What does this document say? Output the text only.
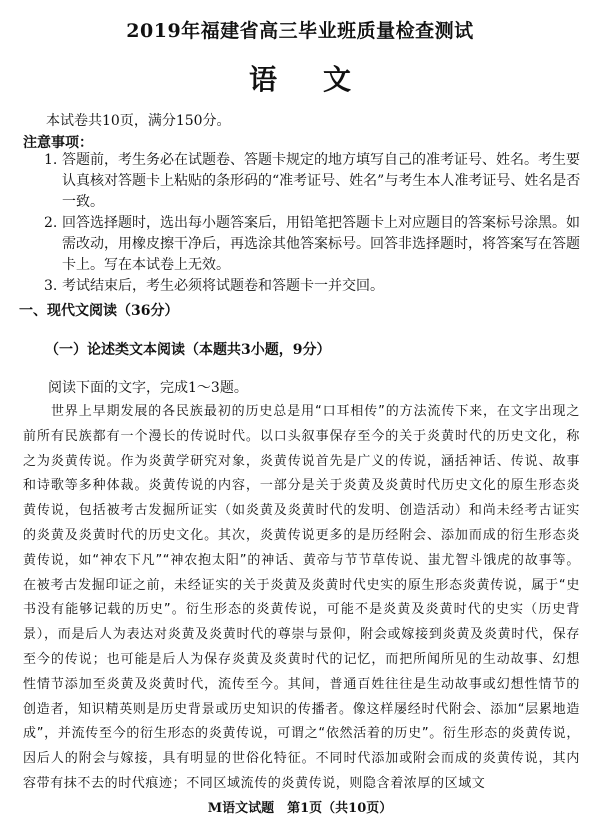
2019年福建省高三毕业班质量检查测试
语文
本试卷共10页，满分150分。
注意事项：

1. 答题前，考生务必在试题卷、答题卡规定的地方填写自己的准考证号、姓名。考生要认真核对答题卡上粘贴的条形码的“准考证号、姓名”与考生本人准考证号、姓名是否一致。

2. 回答选择题时，选出每小题答案后，用铅笔把答题卡上对应题目的答案标号涂黑。如需改动，用橡皮擦干净后，再选涂其他答案标号。回答非选择题时，将答案写在答题卡上。写在本试卷上无效。

3. 考试结束后，考生必须将试题卷和答题卡一并交回。

一、现代文阅读（36分）
（一）论述类文本阅读（本题共3小题，9分）
阅读下面的文字，完成1～3题。

世界上早期发展的各民族最初的历史总是用“口耳相传”的方法流传下来，在文字出现之前所有民族都有一个漫长的传说时代。以口头叙事保存至今的关于炎黄时代的历史文化，称之为炎黄传说。作为炎黄学研究对象，炎黄传说首先是广义的传说，涵括神话、传说、故事和诗歌等多种体裁。炎黄传说的内容，一部分是关于炎黄及炎黄时代历史文化的原生形态炎黄传说，包括被考古发掘所证实（如炎黄及炎黄时代的发明、创造活动）和尚未经考古证实的炎黄及炎黄时代的历史文化。其次，炎黄传说更多的是历经附会、添加而成的衍生形态炎黄传说，如“神农下凡”“神农抱太阳”的神话、黄帝与节节草传说、蚩尤智斗饿虎的故事等。在被考古发掘印证之前，未经证实的关于炎黄及炎黄时代史实的原生形态炎黄传说，属于“史书没有能够记载的历史”。衍生形态的炎黄传说，可能不是炎黄及炎黄时代的史实（历史背景），而是后人为表达对炎黄及炎黄时代的尊崇与景仰，附会或嫁接到炎黄及炎黄时代，保存至今的传说；也可能是后人为保存炎黄及炎黄时代的记忆，而把所闻所见的生动故事、幻想性情节添加至炎黄及炎黄时代，流传至今。其间，普通百姓往往是生动故事或幻想性情节的创造者，知识精英则是历史背景或历史知识的传播者。像这样屡经时代附会、添加“层累地造成”，并流传至今的衍生形态的炎黄传说，可谓之“依然活着的历史”。衍生形态的炎黄传说，因后人的附会与嫁接，具有明显的世俗化特征。不同时代添加或附会而成的炎黄传说，其内容带有抹不去的时代痕迹；不同区域流传的炎黄传说，则隐含着浓厚的区域文

M语文试题　第1页（共10页）
